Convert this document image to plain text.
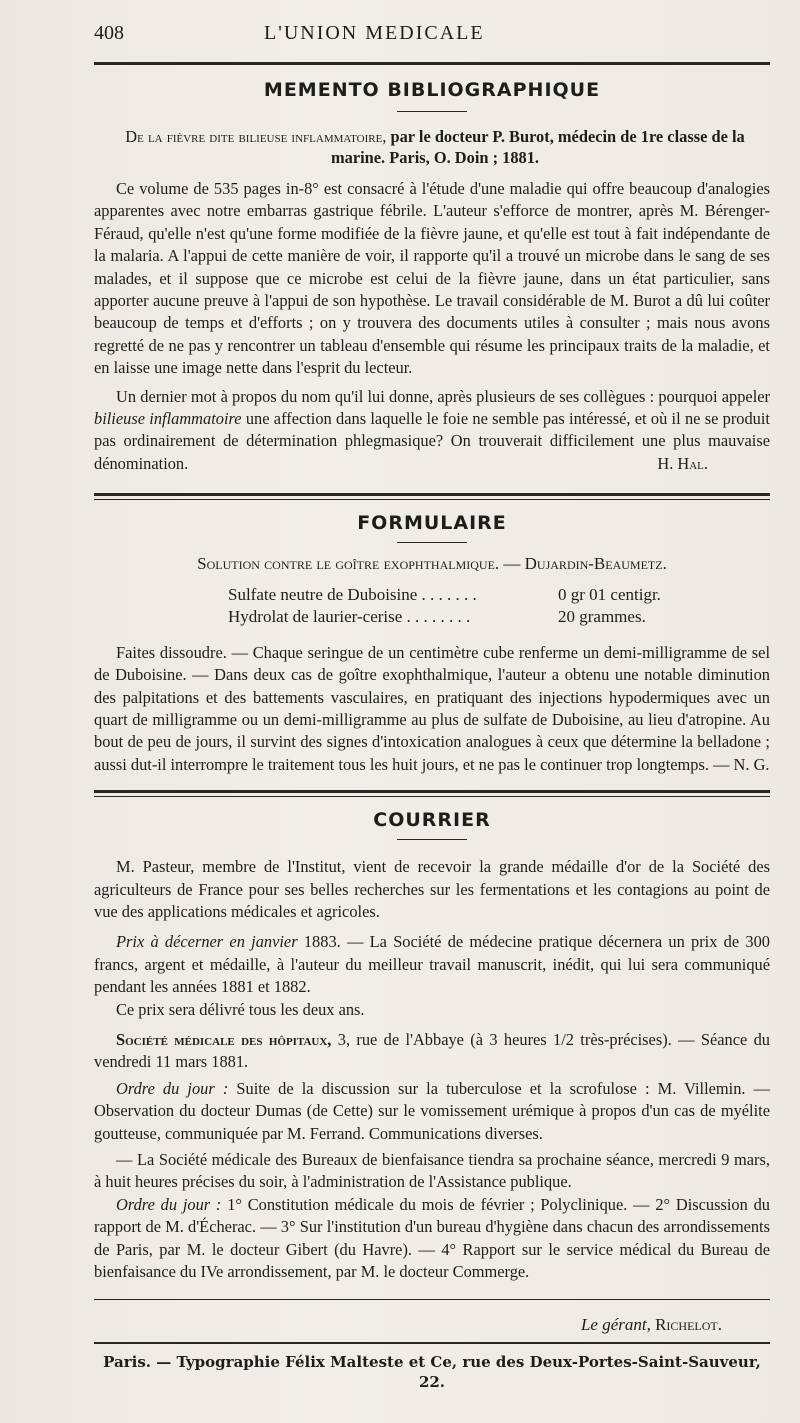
408	L'UNION MEDICALE
MEMENTO BIBLIOGRAPHIQUE
De la fièvre dite bilieuse inflammatoire, par le docteur P. Burot, médecin de 1re classe de la marine. Paris, O. Doin ; 1881.

Ce volume de 535 pages in-8° est consacré à l'étude d'une maladie qui offre beaucoup d'analogies apparentes avec notre embarras gastrique fébrile. L'auteur s'efforce de montrer, après M. Bérenger-Féraud, qu'elle n'est qu'une forme modifiée de la fièvre jaune, et qu'elle est tout à fait indépendante de la malaria. A l'appui de cette manière de voir, il rapporte qu'il a trouvé un microbe dans le sang de ses malades, et il suppose que ce microbe est celui de la fièvre jaune, dans un état particulier, sans apporter aucune preuve à l'appui de son hypothèse. Le travail considérable de M. Burot a dû lui coûter beaucoup de temps et d'efforts ; on y trouvera des documents utiles à consulter ; mais nous avons regretté de ne pas y rencontrer un tableau d'ensemble qui résume les principaux traits de la maladie, et en laisse une image nette dans l'esprit du lecteur.

Un dernier mot à propos du nom qu'il lui donne, après plusieurs de ses collègues : pourquoi appeler bilieuse inflammatoire une affection dans laquelle le foie ne semble pas intéressé, et où il ne se produit pas ordinairement de détermination phlegmasique? On trouverait difficilement une plus mauvaise dénomination.	H. Hal.

FORMULAIRE

Solution contre le goître exophthalmique. — Dujardin-Beaumetz.

Sulfate neutre de Duboisine . . . . . . .	0 gr 01 centigr.
Hydrolat de laurier-cerise . . . . . . . .	20 grammes.

Faites dissoudre. — Chaque seringue de un centimètre cube renferme un demi-milligramme de sel de Duboisine. — Dans deux cas de goître exophthalmique, l'auteur a obtenu une notable diminution des palpitations et des battements vasculaires, en pratiquant des injections hypodermiques avec un quart de milligramme ou un demi-milligramme au plus de sulfate de Duboisine, au lieu d'atropine. Au bout de peu de jours, il survint des signes d'intoxication analogues à ceux que détermine la belladone ; aussi dut-il interrompre le traitement tous les huit jours, et ne pas le continuer trop longtemps. — N. G.

COURRIER

M. Pasteur, membre de l'Institut, vient de recevoir la grande médaille d'or de la Société des agriculteurs de France pour ses belles recherches sur les fermentations et les contagions au point de vue des applications médicales et agricoles.

Prix à décerner en janvier 1883. — La Société de médecine pratique décernera un prix de 300 francs, argent et médaille, à l'auteur du meilleur travail manuscrit, inédit, qui lui sera communiqué pendant les années 1881 et 1882.

Ce prix sera délivré tous les deux ans.

Société médicale des hôpitaux, 3, rue de l'Abbaye (à 3 heures 1/2 très-précises). — Séance du vendredi 11 mars 1881.

Ordre du jour : Suite de la discussion sur la tuberculose et la scrofulose : M. Villemin. — Observation du docteur Dumas (de Cette) sur le vomissement urémique à propos d'un cas de myélite goutteuse, communiquée par M. Ferrand. Communications diverses.

— La Société médicale des Bureaux de bienfaisance tiendra sa prochaine séance, mercredi 9 mars, à huit heures précises du soir, à l'administration de l'Assistance publique.

Ordre du jour : 1° Constitution médicale du mois de février ; Polyclinique. — 2° Discussion du rapport de M. d'Écherac. — 3° Sur l'institution d'un bureau d'hygiène dans chacun des arrondissements de Paris, par M. le docteur Gibert (du Havre). — 4° Rapport sur le service médical du Bureau de bienfaisance du IVe arrondissement, par M. le docteur Commerge.

Le gérant, Richelot.
Paris. — Typographie Félix Malteste et Ce, rue des Deux-Portes-Saint-Sauveur, 22.
